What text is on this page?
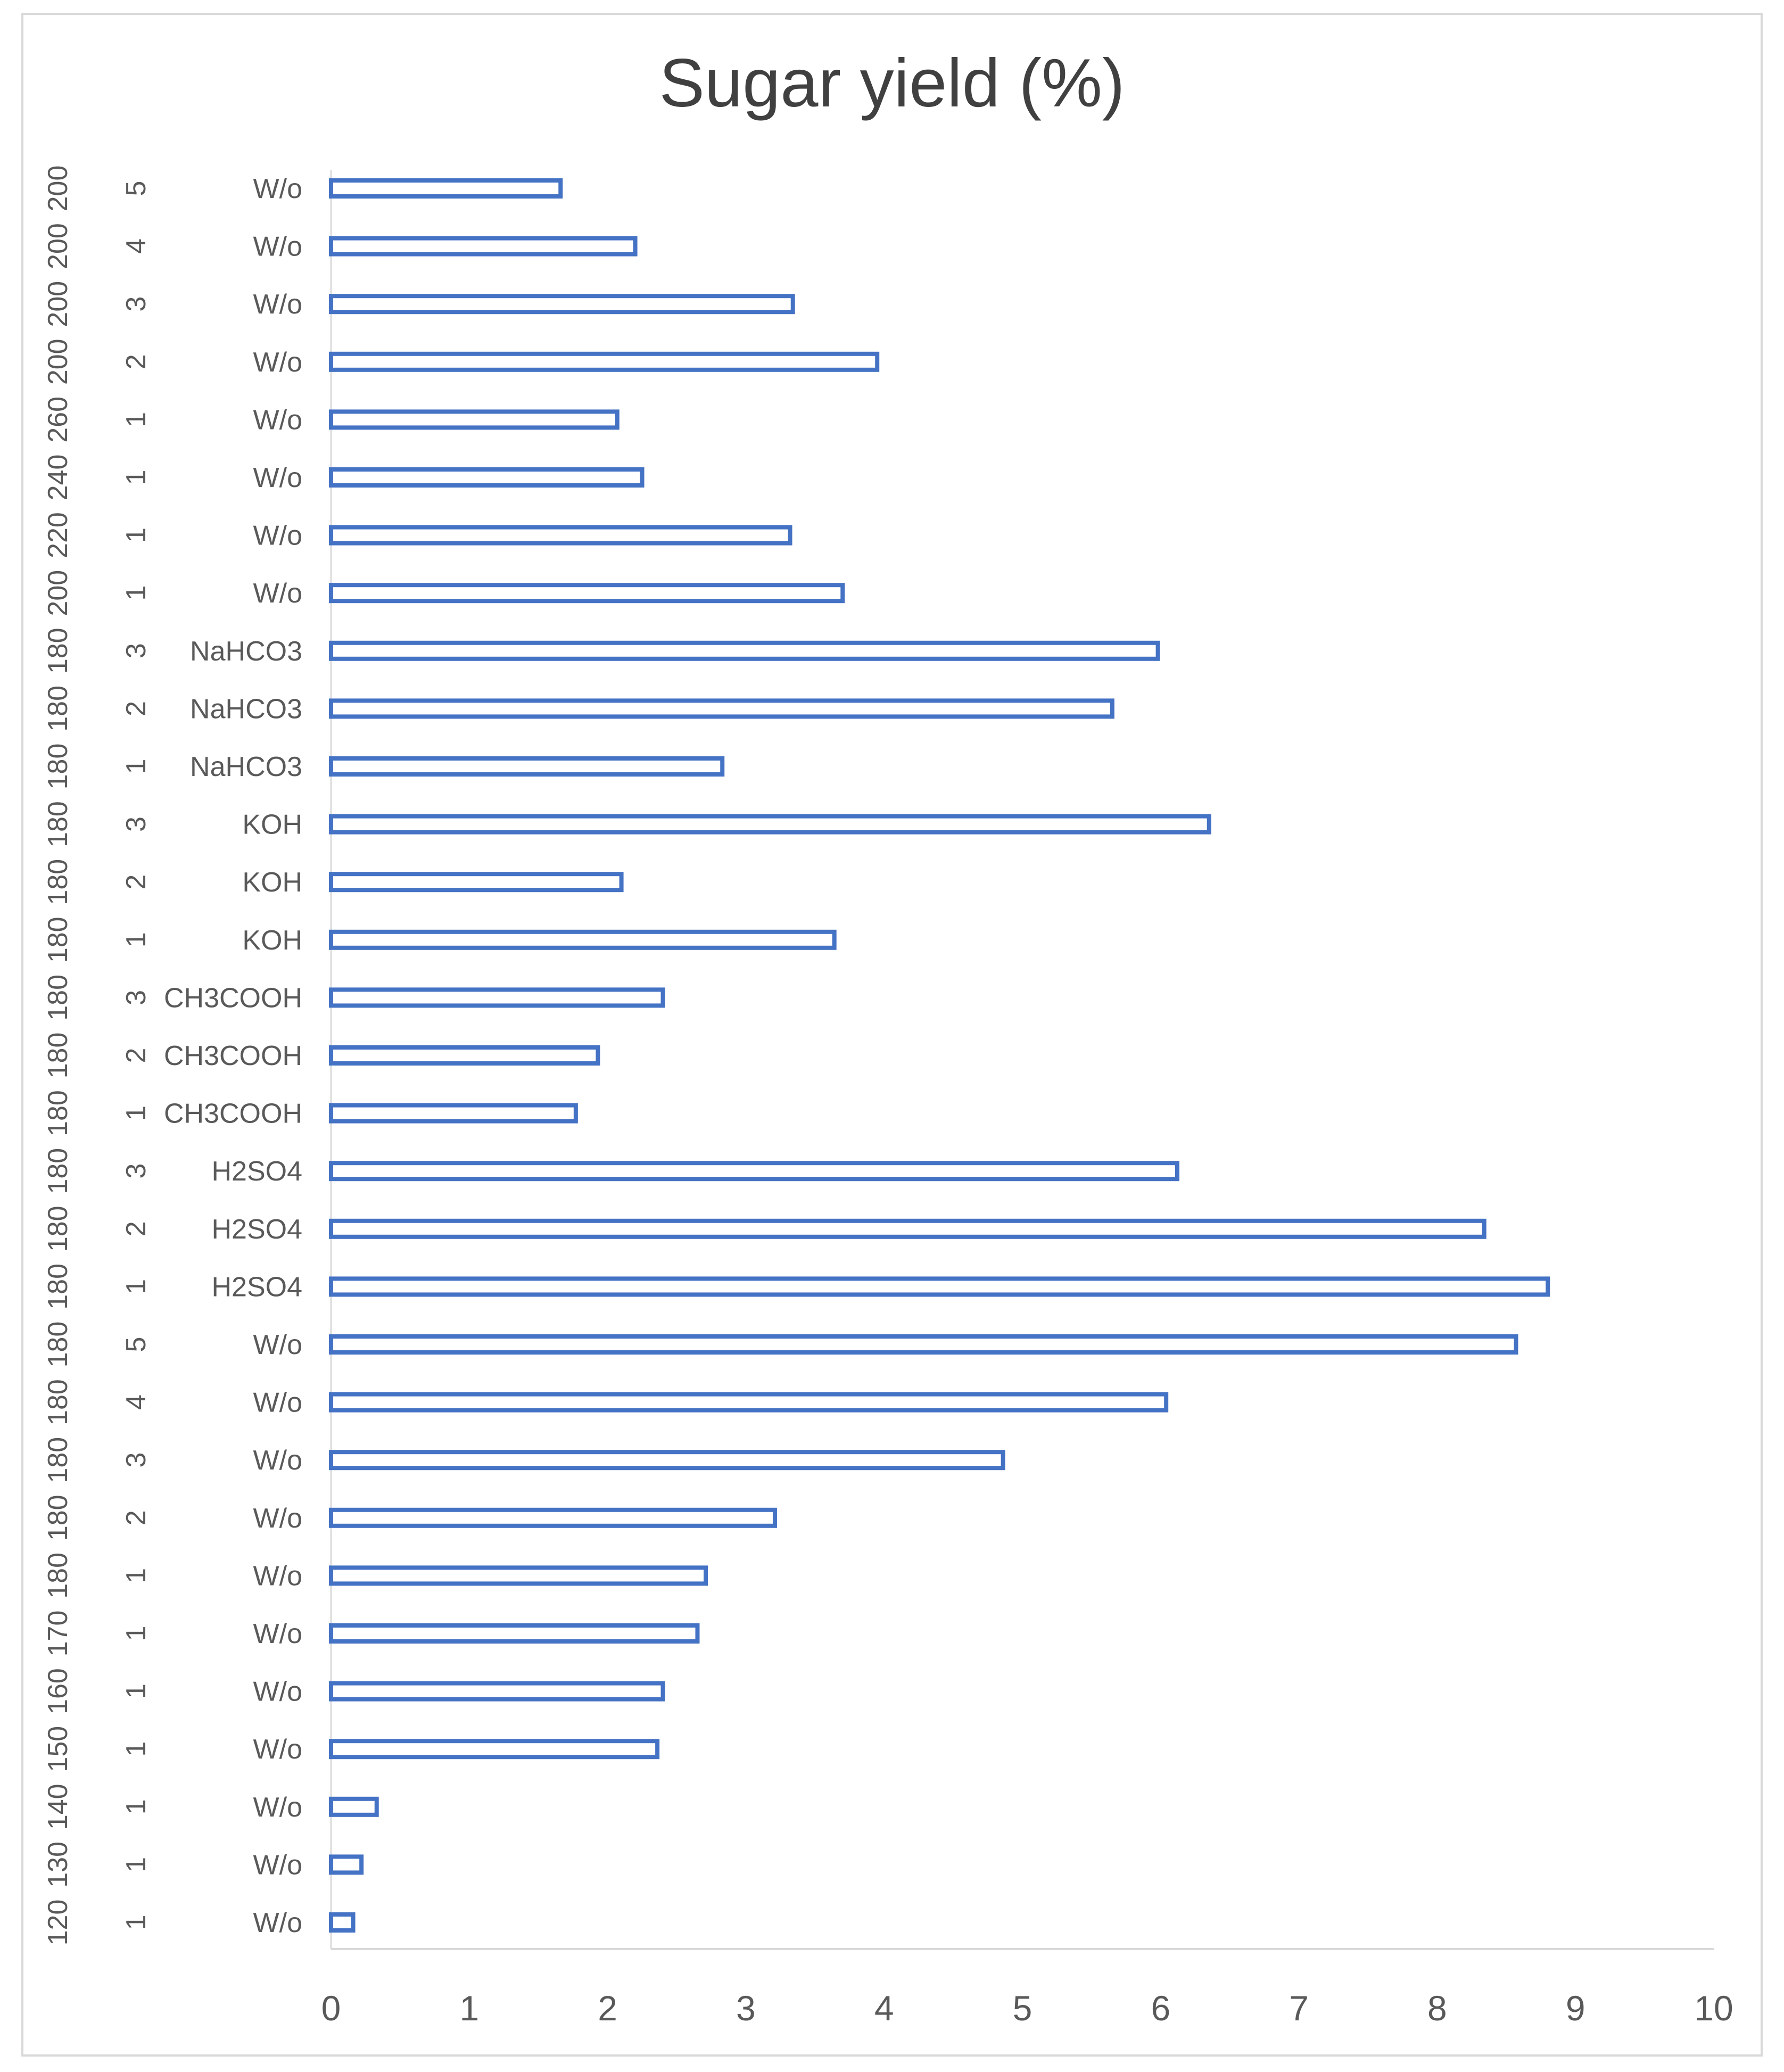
Sugar yield (%)
0	1	2	3	4	5	6	7	8	9	10
W/o
1
120
W/o
1
130
W/o
1
140
W/o
1
150
W/o
1
160
W/o
1
170
W/o
1
180
W/o
2
180
W/o
3
180
W/o
4
180
W/o
5
180
H2SO4
1
180
H2SO4
2
180
H2SO4
3
180
CH3COOH
1
180
CH3COOH
2
180
CH3COOH
3
180
KOH
1
180
KOH
2
180
KOH
3
180
NaHCO3
1
180
NaHCO3
2
180
NaHCO3
3
180
W/o
1
200
W/o
1
220
W/o
1
240
W/o
1
260
W/o
2
200
W/o
3
200
W/o
4
200
W/o
5
200
